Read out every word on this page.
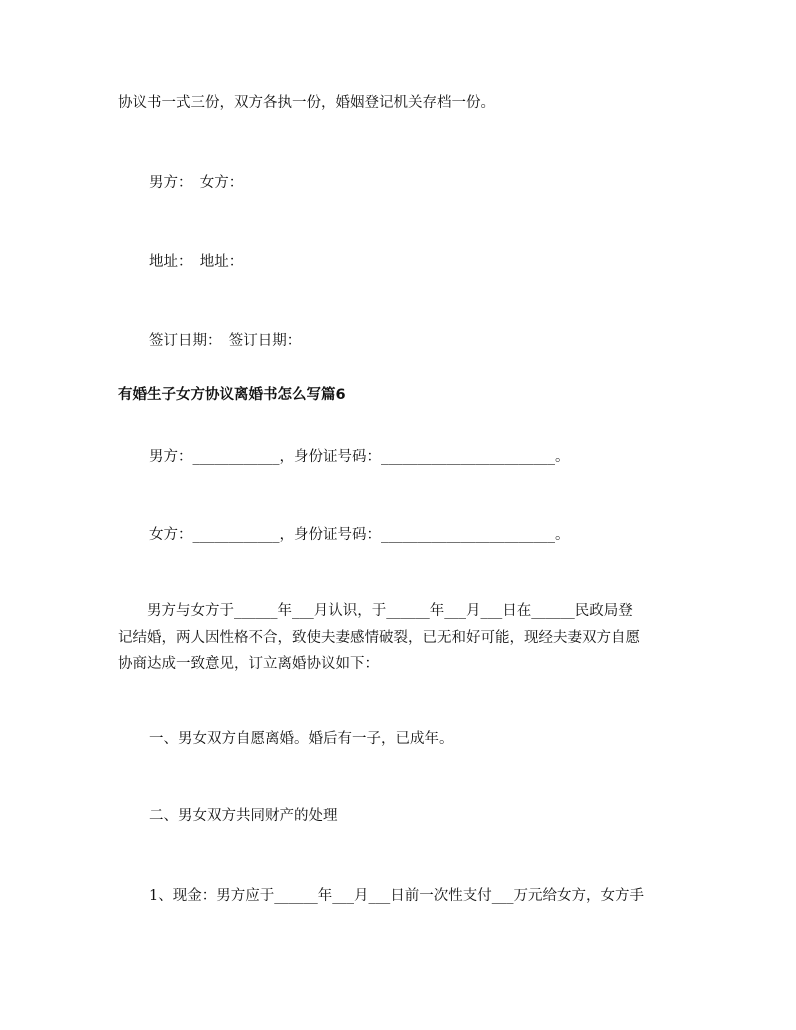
协议书一式三份，双方各执一份，婚姻登记机关存档一份。
男方：　女方：
地址：　地址：
签订日期：　签订日期：
有婚生子女方协议离婚书怎么写篇6
男方：____________，身份证号码：________________________。
女方：____________，身份证号码：________________________。
　　男方与女方于______年___月认识，于______年___月___日在______民政局登
记结婚，两人因性格不合，致使夫妻感情破裂，已无和好可能，现经夫妻双方自愿
协商达成一致意见，订立离婚协议如下：
一、男女双方自愿离婚。婚后有一子，已成年。
二、男女双方共同财产的处理
1、现金：男方应于______年___月___日前一次性支付___万元给女方，女方手
